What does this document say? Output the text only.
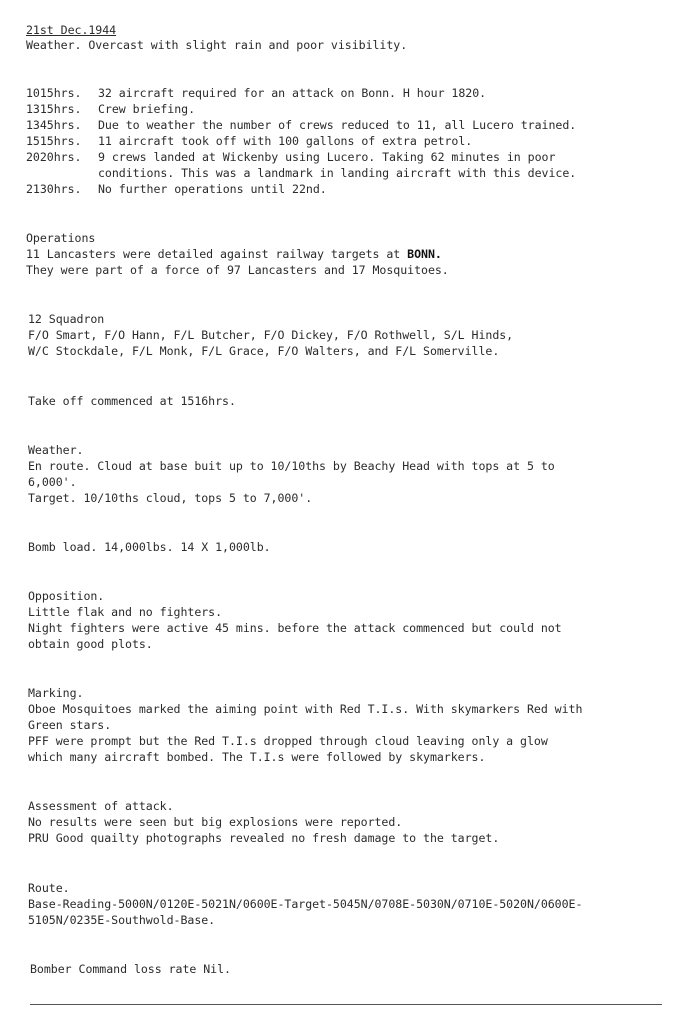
21st Dec.1944
Weather. Overcast with slight rain and poor visibility.
1015hrs. 32 aircraft required for an attack on Bonn. H hour 1820.
1315hrs. Crew briefing.
1345hrs. Due to weather the number of crews reduced to 11, all Lucero trained.
1515hrs. 11 aircraft took off with 100 gallons of extra petrol.
2020hrs. 9 crews landed at Wickenby using Lucero. Taking 62 minutes in poor
conditions. This was a landmark in landing aircraft with this device.
2130hrs. No further operations until 22nd.
Operations
11 Lancasters were detailed against railway targets at BONN.
They were part of a force of 97 Lancasters and 17 Mosquitoes.
12 Squadron
F/O Smart, F/O Hann, F/L Butcher, F/O Dickey, F/O Rothwell, S/L Hinds,
W/C Stockdale, F/L Monk, F/L Grace, F/O Walters, and F/L Somerville.
Take off commenced at 1516hrs.
Weather.
En route. Cloud at base buit up to 10/10ths by Beachy Head with tops at 5 to
6,000'.
Target. 10/10ths cloud, tops 5 to 7,000'.
Bomb load. 14,000lbs. 14 X 1,000lb.
Opposition.
Little flak and no fighters.
Night fighters were active 45 mins. before the attack commenced but could not
obtain good plots.
Marking.
Oboe Mosquitoes marked the aiming point with Red T.I.s. With skymarkers Red with
Green stars.
PFF were prompt but the Red T.I.s dropped through cloud leaving only a glow
which many aircraft bombed. The T.I.s were followed by skymarkers.
Assessment of attack.
No results were seen but big explosions were reported.
PRU Good quailty photographs revealed no fresh damage to the target.
Route.
Base-Reading-5000N/0120E-5021N/0600E-Target-5045N/0708E-5030N/0710E-5020N/0600E-
5105N/0235E-Southwold-Base.
Bomber Command loss rate Nil.
